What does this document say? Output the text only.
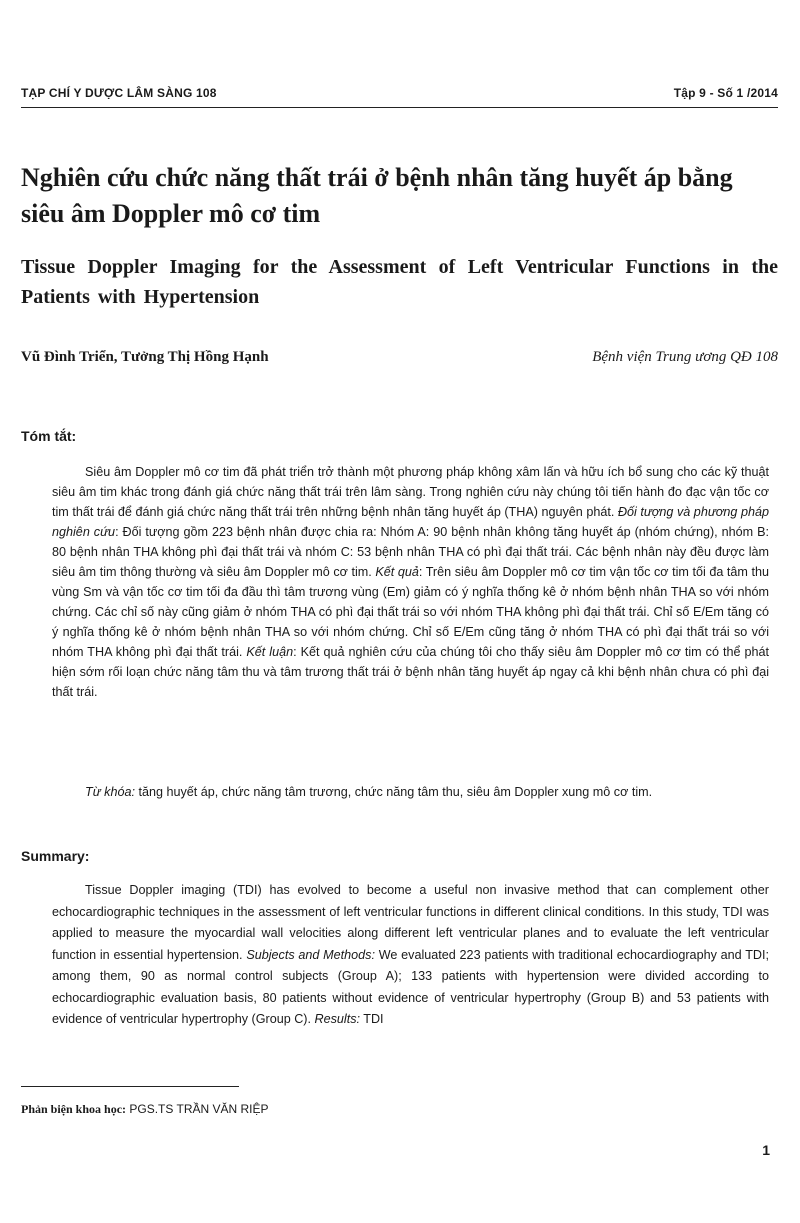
TẠP CHÍ Y DƯỢC LÂM SÀNG 108	Tập 9 - Số 1 /2014
Nghiên cứu chức năng thất trái ở bệnh nhân tăng huyết áp bằng siêu âm Doppler mô cơ tim
Tissue Doppler Imaging for the Assessment of Left Ventricular Functions in the Patients with Hypertension
Vũ Đình Triển, Tưởng Thị Hồng Hạnh	Bệnh viện Trung ương QĐ 108
Tóm tắt:

Siêu âm Doppler mô cơ tim đã phát triển trở thành một phương pháp không xâm lấn và hữu ích bổ sung cho các kỹ thuật siêu âm tim khác trong đánh giá chức năng thất trái trên lâm sàng. Trong nghiên cứu này chúng tôi tiến hành đo đạc vận tốc cơ tim thất trái để đánh giá chức năng thất trái trên những bệnh nhân tăng huyết áp (THA) nguyên phát. Đối tượng và phương pháp nghiên cứu: Đối tượng gồm 223 bệnh nhân được chia ra: Nhóm A: 90 bệnh nhân không tăng huyết áp (nhóm chứng), nhóm B: 80 bệnh nhân THA không phì đại thất trái và nhóm C: 53 bệnh nhân THA có phì đại thất trái. Các bệnh nhân này đều được làm siêu âm tim thông thường và siêu âm Doppler mô cơ tim. Kết quả: Trên siêu âm Doppler mô cơ tim vận tốc cơ tim tối đa tâm thu vùng Sm và vận tốc cơ tim tối đa đầu thì tâm trương vùng (Em) giảm có ý nghĩa thống kê ở nhóm bệnh nhân THA so với nhóm chứng. Các chỉ số này cũng giảm ở nhóm THA có phì đại thất trái so với nhóm THA không phì đại thất trái. Chỉ số E/Em tăng có ý nghĩa thống kê ở nhóm bệnh nhân THA so với nhóm chứng. Chỉ số E/Em cũng tăng ở nhóm THA có phì đại thất trái so với nhóm THA không phì đại thất trái. Kết luận: Kết quả nghiên cứu của chúng tôi cho thấy siêu âm Doppler mô cơ tim có thể phát hiện sớm rối loạn chức năng tâm thu và tâm trương thất trái ở bệnh nhân tăng huyết áp ngay cả khi bệnh nhân chưa có phì đại thất trái.

Từ khóa: tăng huyết áp, chức năng tâm trương, chức năng tâm thu, siêu âm Doppler xung mô cơ tim.

Summary:

Tissue Doppler imaging (TDI) has evolved to become a useful non invasive method that can complement other echocardiographic techniques in the assessment of left ventricular functions in different clinical conditions. In this study, TDI was applied to measure the myocardial wall velocities along different left ventricular planes and to evaluate the left ventricular function in essential hypertension. Subjects and Methods: We evaluated 223 patients with traditional echocardiography and TDI; among them, 90 as normal control subjects (Group A); 133 patients with hypertension were divided according to echocardiographic evaluation basis, 80 patients without evidence of ventricular hypertrophy (Group B) and 53 patients with evidence of ventricular hypertrophy (Group C). Results: TDI

Phản biện khoa học: PGS.TS TRẦN VĂN RIỆP
1
